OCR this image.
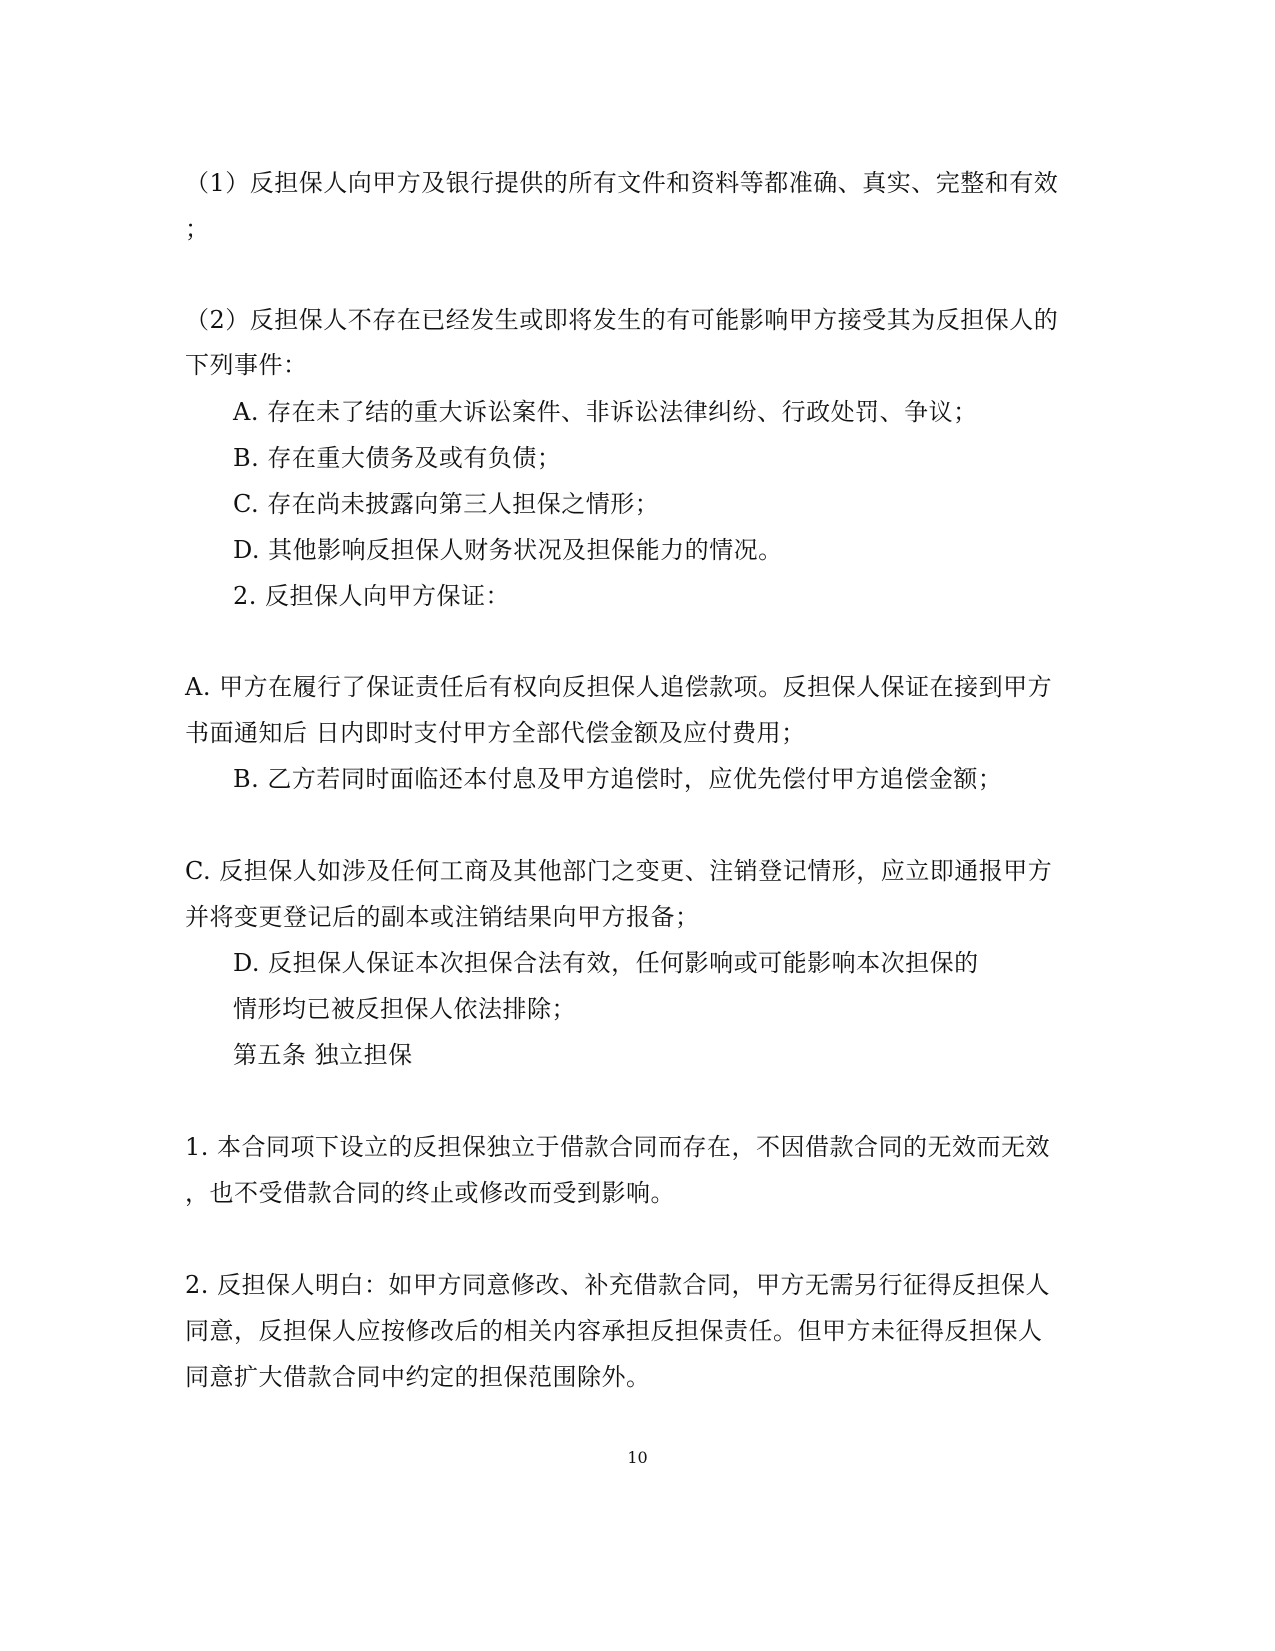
（1）反担保人向甲方及银行提供的所有文件和资料等都准确、真实、完整和有效
；
（2）反担保人不存在已经发生或即将发生的有可能影响甲方接受其为反担保人的
下列事件：
A. 存在未了结的重大诉讼案件、非诉讼法律纠纷、行政处罚、争议；
B. 存在重大债务及或有负债；
C. 存在尚未披露向第三人担保之情形；
D. 其他影响反担保人财务状况及担保能力的情况。
2. 反担保人向甲方保证：
A. 甲方在履行了保证责任后有权向反担保人追偿款项。反担保人保证在接到甲方
书面通知后 日内即时支付甲方全部代偿金额及应付费用；
B. 乙方若同时面临还本付息及甲方追偿时，应优先偿付甲方追偿金额；
C. 反担保人如涉及任何工商及其他部门之变更、注销登记情形，应立即通报甲方
并将变更登记后的副本或注销结果向甲方报备；
D. 反担保人保证本次担保合法有效，任何影响或可能影响本次担保的
情形均已被反担保人依法排除；
第五条 独立担保
1. 本合同项下设立的反担保独立于借款合同而存在，不因借款合同的无效而无效
，也不受借款合同的终止或修改而受到影响。
2. 反担保人明白：如甲方同意修改、补充借款合同，甲方无需另行征得反担保人
同意，反担保人应按修改后的相关内容承担反担保责任。但甲方未征得反担保人
同意扩大借款合同中约定的担保范围除外。
10
